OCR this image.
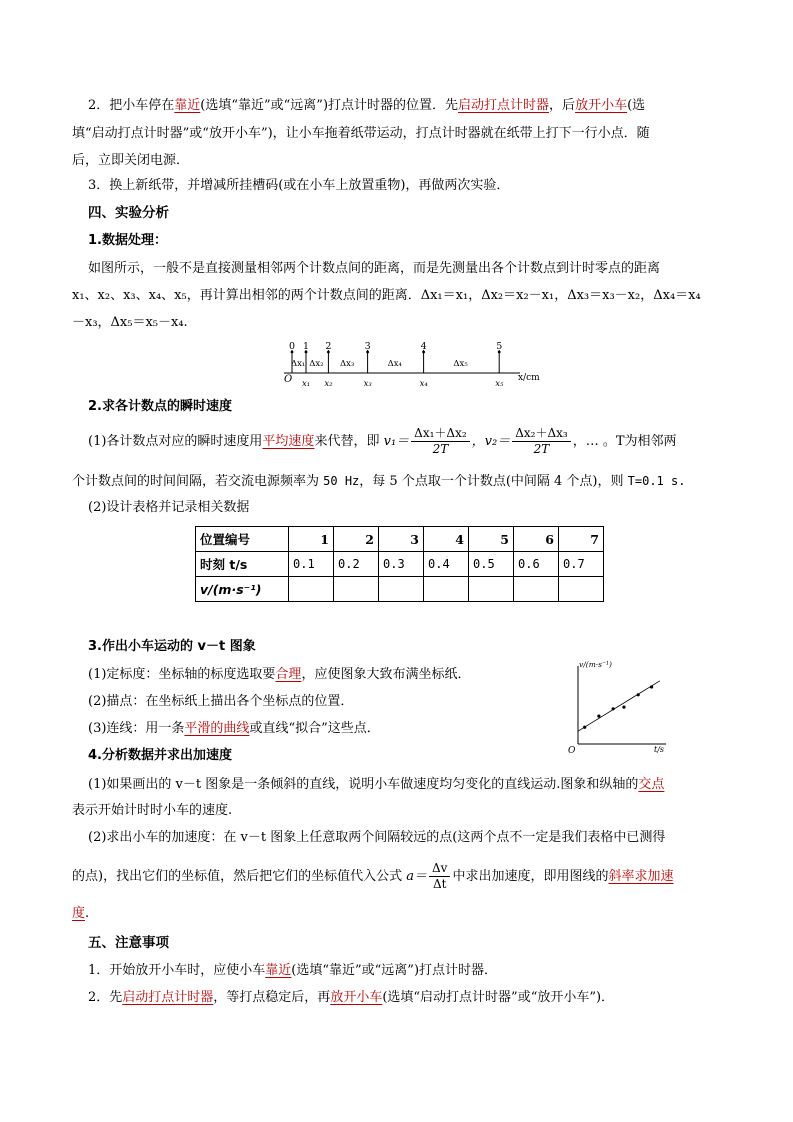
2．把小车停在靠近(选填“靠近”或“远离”)打点计时器的位置．先启动打点计时器，后放开小车(选
填“启动打点计时器”或“放开小车”)，让小车拖着纸带运动，打点计时器就在纸带上打下一行小点．随
后，立即关闭电源．
3．换上新纸带，并增减所挂槽码(或在小车上放置重物)，再做两次实验．
四、实验分析
1.数据处理：
如图所示，一般不是直接测量相邻两个计数点间的距离，而是先测量出各个计数点到计时零点的距离
x₁、x₂、x₃、x₄、x₅，再计算出相邻的两个计数点间的距离．Δx₁＝x₁，Δx₂＝x₂－x₁，Δx₃＝x₃－x₂，Δx₄＝x₄
－x₃，Δx₅＝x₅－x₄.
O	x/cm
0 1
x₁
2
x₂
3
x₃
4
x₄
5
x₅
Δx₁ Δx₂ Δx₃	Δx₄	Δx₅
2.求各计数点的瞬时速度
(1)各计数点对应的瞬时速度用平均速度来代替，即 $v_1= \frac{\text{Δx₁＋Δx₂}}{2T}$ ，$v_2= \frac{\text{Δx₂＋Δx₃}}{2T}$ ，… 。T为相邻两
个计数点间的时间间隔，若交流电源频率为 50 Hz，每 5 个点取一个计数点(中间隔 4 个点)，则 T=0.1 s.
(2)设计表格并记录相关数据
位置编号	1	2	3	4	5	6	7
时刻 t/s	0.1	0.2	0.3	0.4	0.5	0.6	0.7
v/(m·s⁻¹)							
3.作出小车运动的 v－t 图象
(1)定标度：坐标轴的标度选取要合理，应使图象大致布满坐标纸．
(2)描点：在坐标纸上描出各个坐标点的位置．
(3)连线：用一条平滑的曲线或直线“拟合”这些点．
v/(m·s⁻¹)
t/s
O
4.分析数据并求出加速度
(1)如果画出的 v－t 图象是一条倾斜的直线，说明小车做速度均匀变化的直线运动.图象和纵轴的交点
表示开始计时时小车的速度.
(2)求出小车的加速度：在 v－t 图象上任意取两个间隔较远的点(这两个点不一定是我们表格中已测得
的点)，找出它们的坐标值，然后把它们的坐标值代入公式 $a= \frac{\Delta v}{\Delta t}$ 中求出加速度，即用图线的斜率求加速
度.
五、注意事项
1．开始放开小车时，应使小车靠近(选填“靠近”或“远离”)打点计时器．
2．先启动打点计时器，等打点稳定后，再放开小车(选填“启动打点计时器”或“放开小车”)．
